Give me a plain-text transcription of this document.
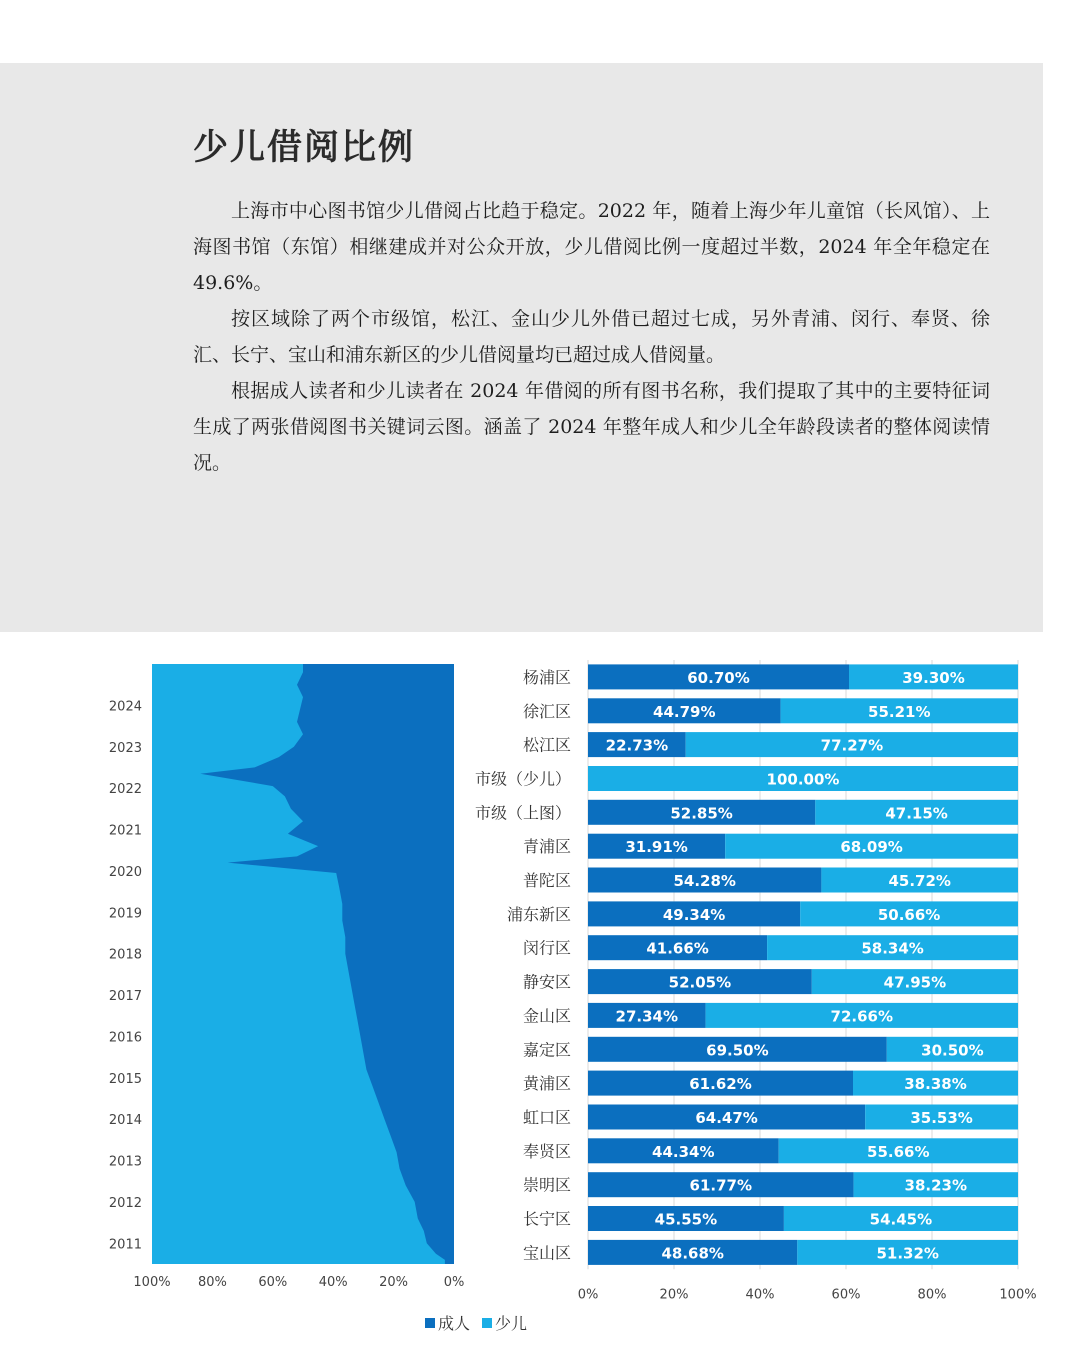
少儿借阅比例

上海市中心图书馆少儿借阅占比趋于稳定。2022 年，随着上海少年儿童馆（长风馆）、上海图书馆（东馆）相继建成并对公众开放，少儿借阅比例一度超过半数，2024 年全年稳定在 49.6%。

按区域除了两个市级馆，松江、金山少儿外借已超过七成，另外青浦、闵行、奉贤、徐汇、长宁、宝山和浦东新区的少儿借阅量均已超过成人借阅量。

根据成人读者和少儿读者在 2024 年借阅的所有图书名称，我们提取了其中的主要特征词生成了两张借阅图书关键词云图。涵盖了 2024 年整年成人和少儿全年龄段读者的整体阅读情况。

2011
2012
2013
2014
2015
2016
2017
2018
2019
2020
2021
2022
2023
2024
100% 80% 60% 40% 20%	0%
杨浦区	60.70%	39.30%
徐汇区	44.79%	55.21%
松江区 22.73%	77.27%
市级（少儿）	100.00%
市级（上图）	52.85%	47.15%
青浦区	31.91%	68.09%
普陀区	54.28%	45.72%
浦东新区	49.34%	50.66%
闵行区	41.66%	58.34%
静安区	52.05%	47.95%
金山区	27.34%	72.66%
嘉定区	69.50%	30.50%
黄浦区	61.62%	38.38%
虹口区	64.47%	35.53%
奉贤区	44.34%	55.66%
崇明区	61.77%	38.23%
长宁区	45.55%	54.45%
宝山区	48.68%	51.32%
0%	20%	40%	60%	80%	100%
成人 少儿
